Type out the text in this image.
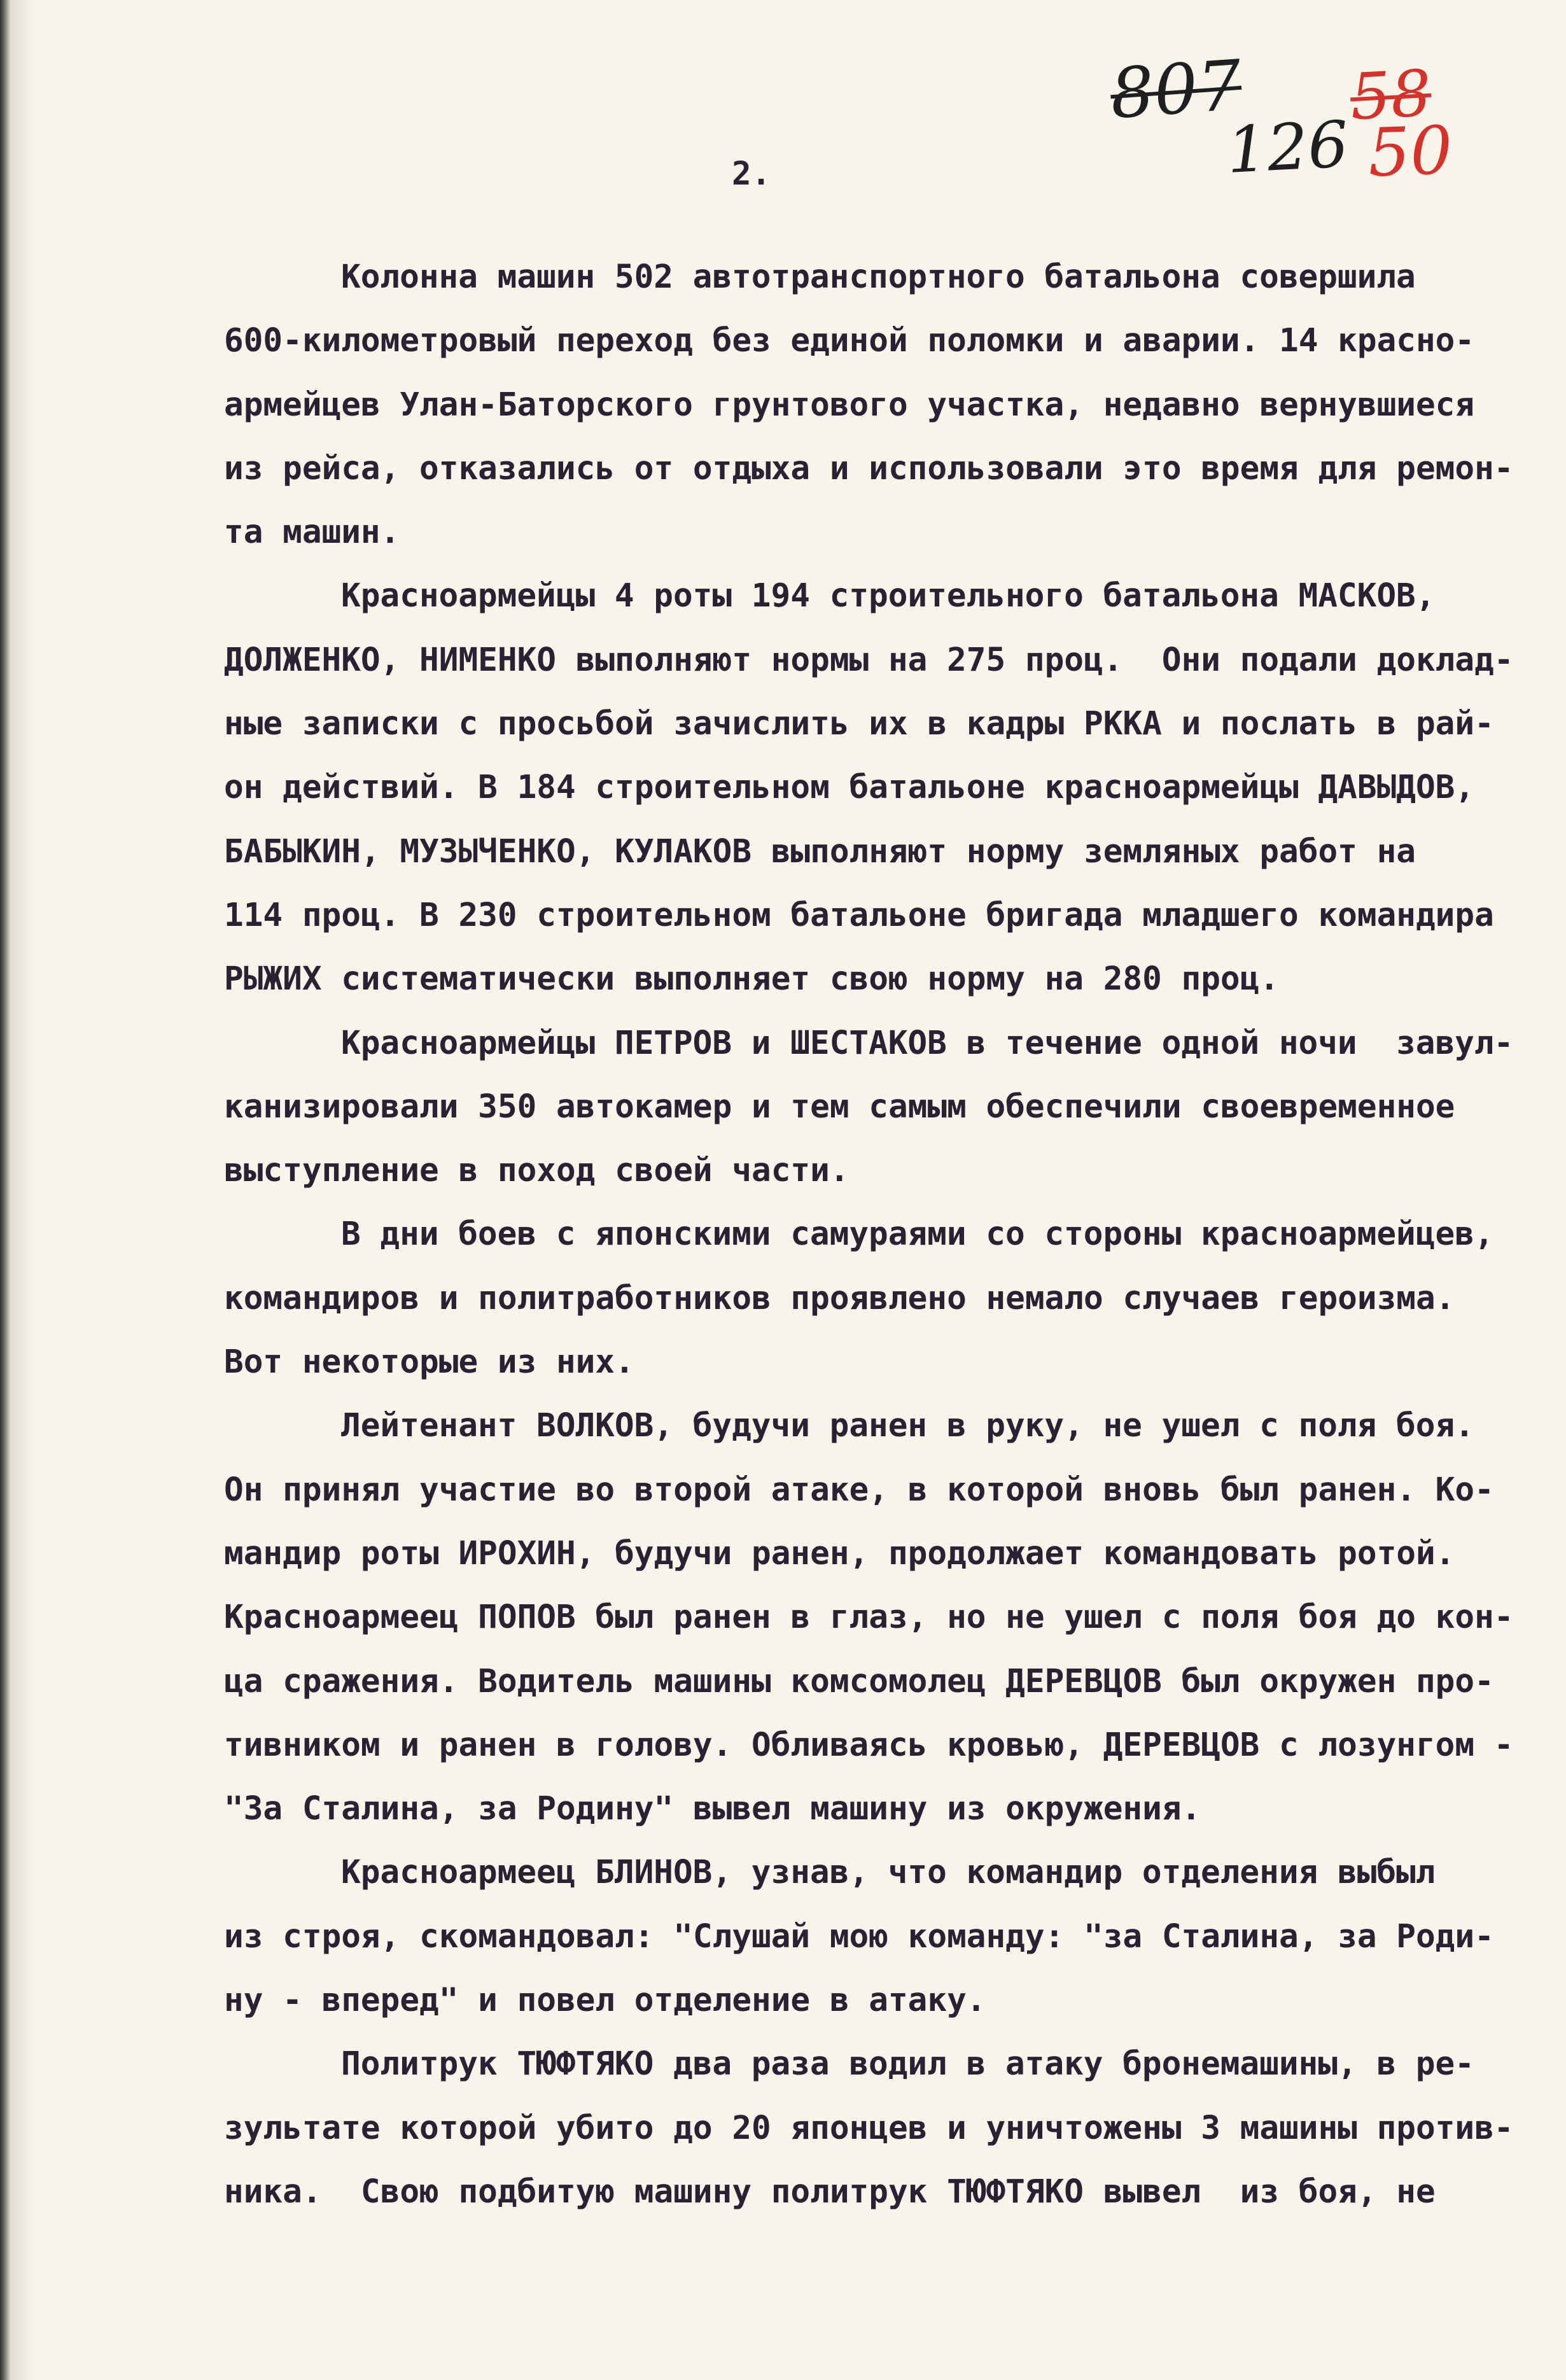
807
126
58
50
2.
Колонна машин 502 автотранспортного батальона совершила
600-километровый переход без единой поломки и аварии. 14 красно-
армейцев Улан-Баторского грунтового участка, недавно вернувшиеся
из рейса, отказались от отдыха и использовали это время для ремон-
та машин.
Красноармейцы 4 роты 194 строительного батальона МАСКОВ,
ДОЛЖЕНКО, НИМЕНКО выполняют нормы на 275 проц.  Они подали доклад-
ные записки с просьбой зачислить их в кадры РККА и послать в рай-
он действий. В 184 строительном батальоне красноармейцы ДАВЫДОВ,
БАБЫКИН, МУЗЫЧЕНКО, КУЛАКОВ выполняют норму земляных работ на
114 проц. В 230 строительном батальоне бригада младшего командира
РЫЖИХ систематически выполняет свою норму на 280 проц.
Красноармейцы ПЕТРОВ и ШЕСТАКОВ в течение одной ночи  завул-
канизировали 350 автокамер и тем самым обеспечили своевременное
выступление в поход своей части.
В дни боев с японскими самураями со стороны красноармейцев,
командиров и политработников проявлено немало случаев героизма.
Вот некоторые из них.
Лейтенант ВОЛКОВ, будучи ранен в руку, не ушел с поля боя.
Он принял участие во второй атаке, в которой вновь был ранен. Ко-
мандир роты ИРОХИН, будучи ранен, продолжает командовать ротой.
Красноармеец ПОПОВ был ранен в глаз, но не ушел с поля боя до кон-
ца сражения. Водитель машины комсомолец ДЕРЕВЦОВ был окружен про-
тивником и ранен в голову. Обливаясь кровью, ДЕРЕВЦОВ с лозунгом -
"За Сталина, за Родину" вывел машину из окружения.
Красноармеец БЛИНОВ, узнав, что командир отделения выбыл
из строя, скомандовал: "Слушай мою команду: "за Сталина, за Роди-
ну - вперед" и повел отделение в атаку.
Политрук ТЮФТЯКО два раза водил в атаку бронемашины, в ре-
зультате которой убито до 20 японцев и уничтожены 3 машины против-
ника.  Свою подбитую машину политрук ТЮФТЯКО вывел  из боя, не
